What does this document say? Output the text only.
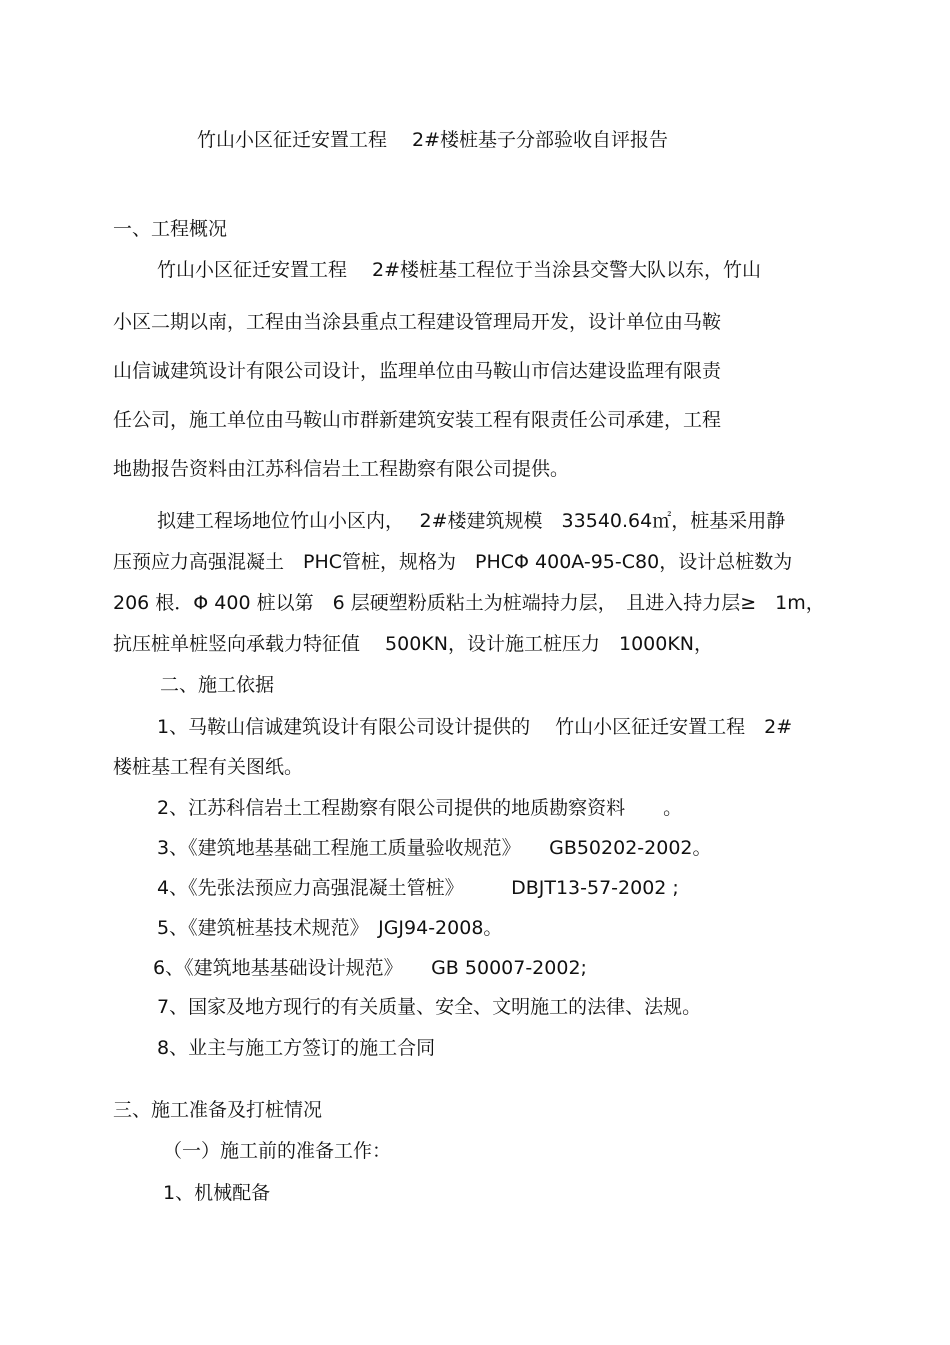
竹山小区征迁安置工程　 2#楼桩基子分部验收自评报告

一、工程概况

竹山小区征迁安置工程　 2#楼桩基工程位于当涂县交警大队以东，竹山

小区二期以南，工程由当涂县重点工程建设管理局开发，设计单位由马鞍

山信诚建筑设计有限公司设计，监理单位由马鞍山市信达建设监理有限责

任公司，施工单位由马鞍山市群新建筑安装工程有限责任公司承建，工程

地勘报告资料由江苏科信岩土工程勘察有限公司提供。

拟建工程场地位竹山小区内，　 2#楼建筑规模　33540.64㎡，桩基采用静

压预应力高强混凝土　PHC管桩，规格为　PHCΦ 400A-95-C80，设计总桩数为

206 根．Φ 400 桩以第　6 层硬塑粉质粘土为桩端持力层，　且进入持力层≥　1m，

抗压桩单桩竖向承载力特征值　 500KN，设计施工桩压力　1000KN，

二、施工依据

1、马鞍山信诚建筑设计有限公司设计提供的　 竹山小区征迁安置工程　2#

楼桩基工程有关图纸。

2、江苏科信岩土工程勘察有限公司提供的地质勘察资料　　。

3、《建筑地基基础工程施工质量验收规范》　　GB50202-2002。

4、《先张法预应力高强混凝土管桩》　　　DBJT13-57-2002 ;

5、《建筑桩基技术规范》　JGJ94-2008。

6、《建筑地基基础设计规范》　　GB 50007-2002;

7、国家及地方现行的有关质量、安全、文明施工的法律、法规。

8、业主与施工方签订的施工合同

三、施工准备及打桩情况

（一）施工前的准备工作：

1、机械配备
